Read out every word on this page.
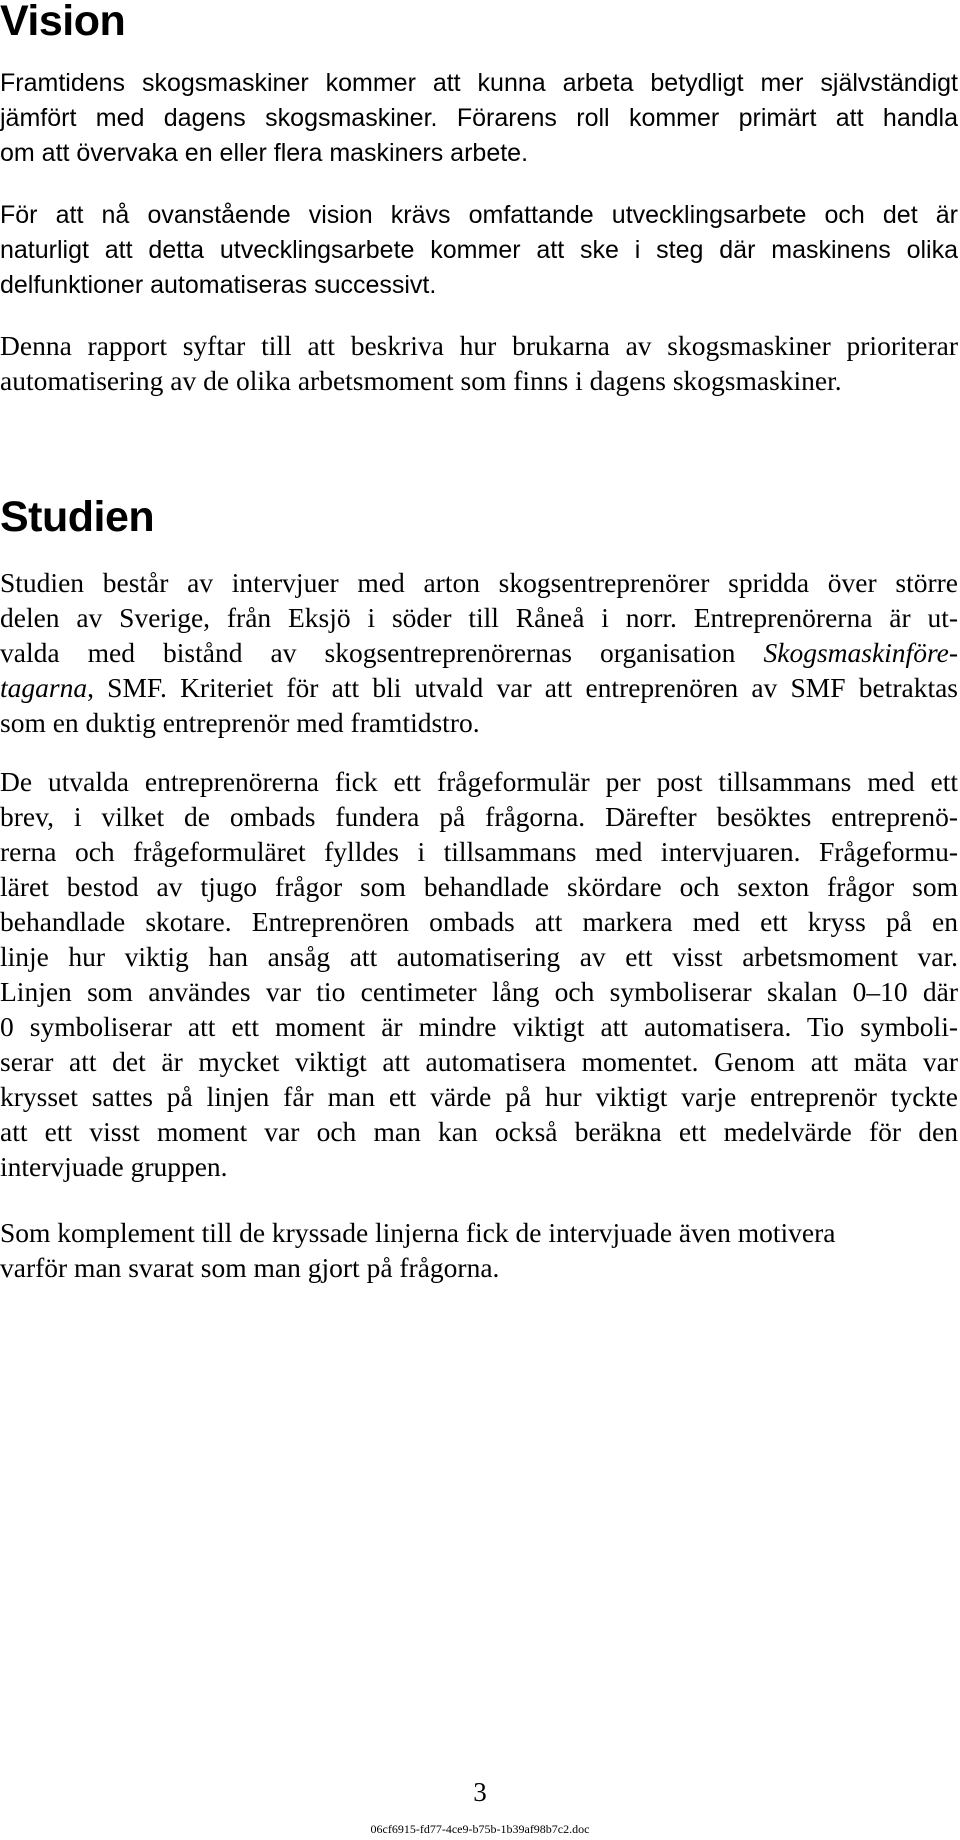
Vision

Framtidens skogsmaskiner kommer att kunna arbeta betydligt mer självständigt
jämfört med dagens skogsmaskiner. Förarens roll kommer primärt att handla
om att övervaka en eller flera maskiners arbete.

För att nå ovanstående vision krävs omfattande utvecklingsarbete och det är
naturligt att detta utvecklingsarbete kommer att ske i steg där maskinens olika
delfunktioner automatiseras successivt.

Denna rapport syftar till att beskriva hur brukarna av skogsmaskiner prioriterar
automatisering av de olika arbetsmoment som finns i dagens skogsmaskiner.

Studien

Studien består av intervjuer med arton skogsentreprenörer spridda över större
delen av Sverige, från Eksjö i söder till Råneå i norr. Entreprenörerna är ut-
valda med bistånd av skogsentreprenörernas organisation Skogsmaskinföre-
tagarna, SMF. Kriteriet för att bli utvald var att entreprenören av SMF betraktas
som en duktig entreprenör med framtidstro.

De utvalda entreprenörerna fick ett frågeformulär per post tillsammans med ett
brev, i vilket de ombads fundera på frågorna. Därefter besöktes entreprenö-
rerna och frågeformuläret fylldes i tillsammans med intervjuaren. Frågeformu-
läret bestod av tjugo frågor som behandlade skördare och sexton frågor som
behandlade skotare. Entreprenören ombads att markera med ett kryss på en
linje hur viktig han ansåg att automatisering av ett visst arbetsmoment var.
Linjen som användes var tio centimeter lång och symboliserar skalan 0–10 där
0 symboliserar att ett moment är mindre viktigt att automatisera. Tio symboli-
serar att det är mycket viktigt att automatisera momentet. Genom att mäta var
krysset sattes på linjen får man ett värde på hur viktigt varje entreprenör tyckte
att ett visst moment var och man kan också beräkna ett medelvärde för den
intervjuade gruppen.

Som komplement till de kryssade linjerna fick de intervjuade även motivera
varför man svarat som man gjort på frågorna.

3
06cf6915-fd77-4ce9-b75b-1b39af98b7c2.doc
